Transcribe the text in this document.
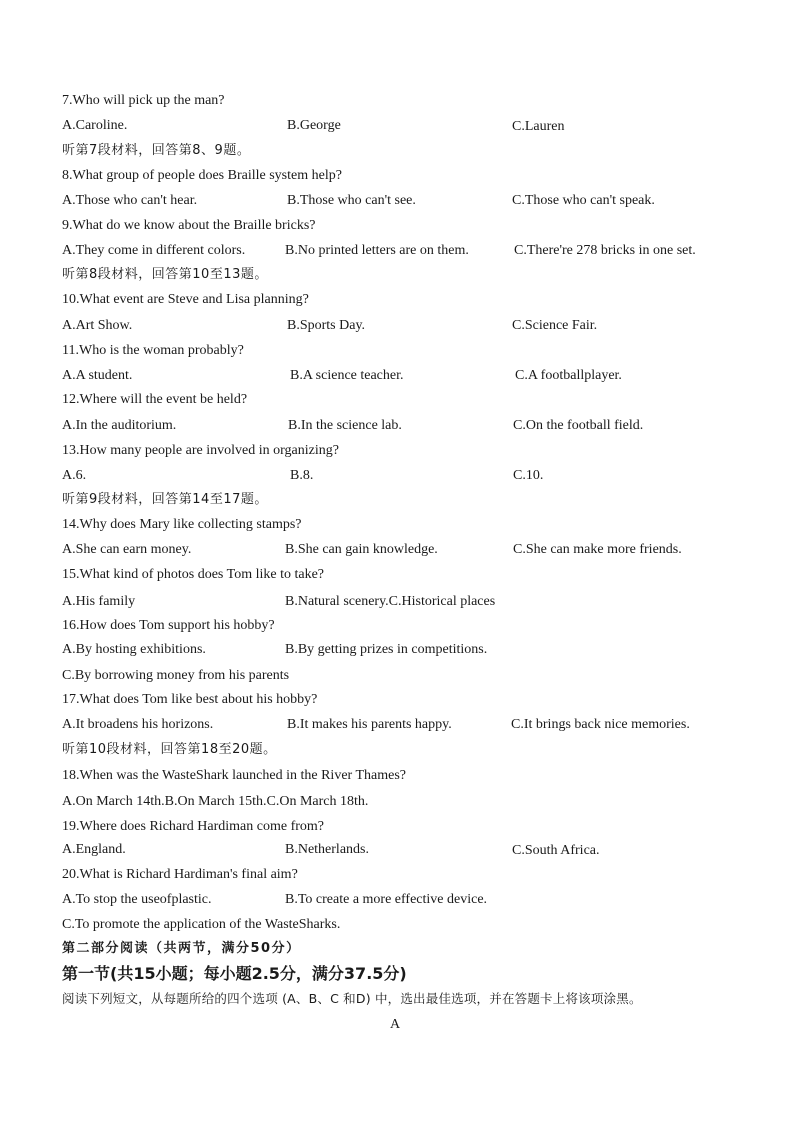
7.Who will pick up the man?
A.Caroline.	B.George	C.Lauren
听第7段材料，回答第8、9题。
8.What group of people does Braille system help?
A.Those who can't hear.	B.Those who can't see.	C.Those who can't speak.
9.What do we know about the Braille bricks?
A.They come in different colors.	B.No printed letters are on them.	C.There're 278 bricks in one set.
听第8段材料，回答第10至13题。
10.What event are Steve and Lisa planning?
A.Art Show.	B.Sports Day.	C.Science Fair.
11.Who is the woman probably?
A.A student.	B.A science teacher.	C.A footballplayer.
12.Where will the event be held?
A.In the auditorium.	B.In the science lab.	C.On the football field.
13.How many people are involved in organizing?
A.6.	B.8.	C.10.
听第9段材料，回答第14至17题。
14.Why does Mary like collecting stamps?
A.She can earn money.	B.She can gain knowledge.	C.She can make more friends.
15.What kind of photos does Tom like to take?
A.His family	B.Natural scenery.C.Historical places
16.How does Tom support his hobby?
A.By hosting exhibitions.	B.By getting prizes in competitions.
C.By borrowing money from his parents
17.What does Tom like best about his hobby?
A.It broadens his horizons.	B.It makes his parents happy.	C.It brings back nice memories.
听第10段材料，回答第18至20题。
18.When was the WasteShark launched in the River Thames?
A.On March 14th.B.On March 15th.C.On March 18th.
19.Where does Richard Hardiman come from?
A.England.	B.Netherlands.	C.South Africa.
20.What is Richard Hardiman's final aim?
A.To stop the useofplastic.	B.To create a more effective device.
C.To promote the application of the WasteSharks.
第二部分阅读（共两节，满分50分）
第一节(共15小题；每小题2.5分，满分37.5分)
阅读下列短文，从每题所给的四个选项 (A、B、C 和D) 中，选出最佳选项，并在答题卡上将该项涂黑。
A
